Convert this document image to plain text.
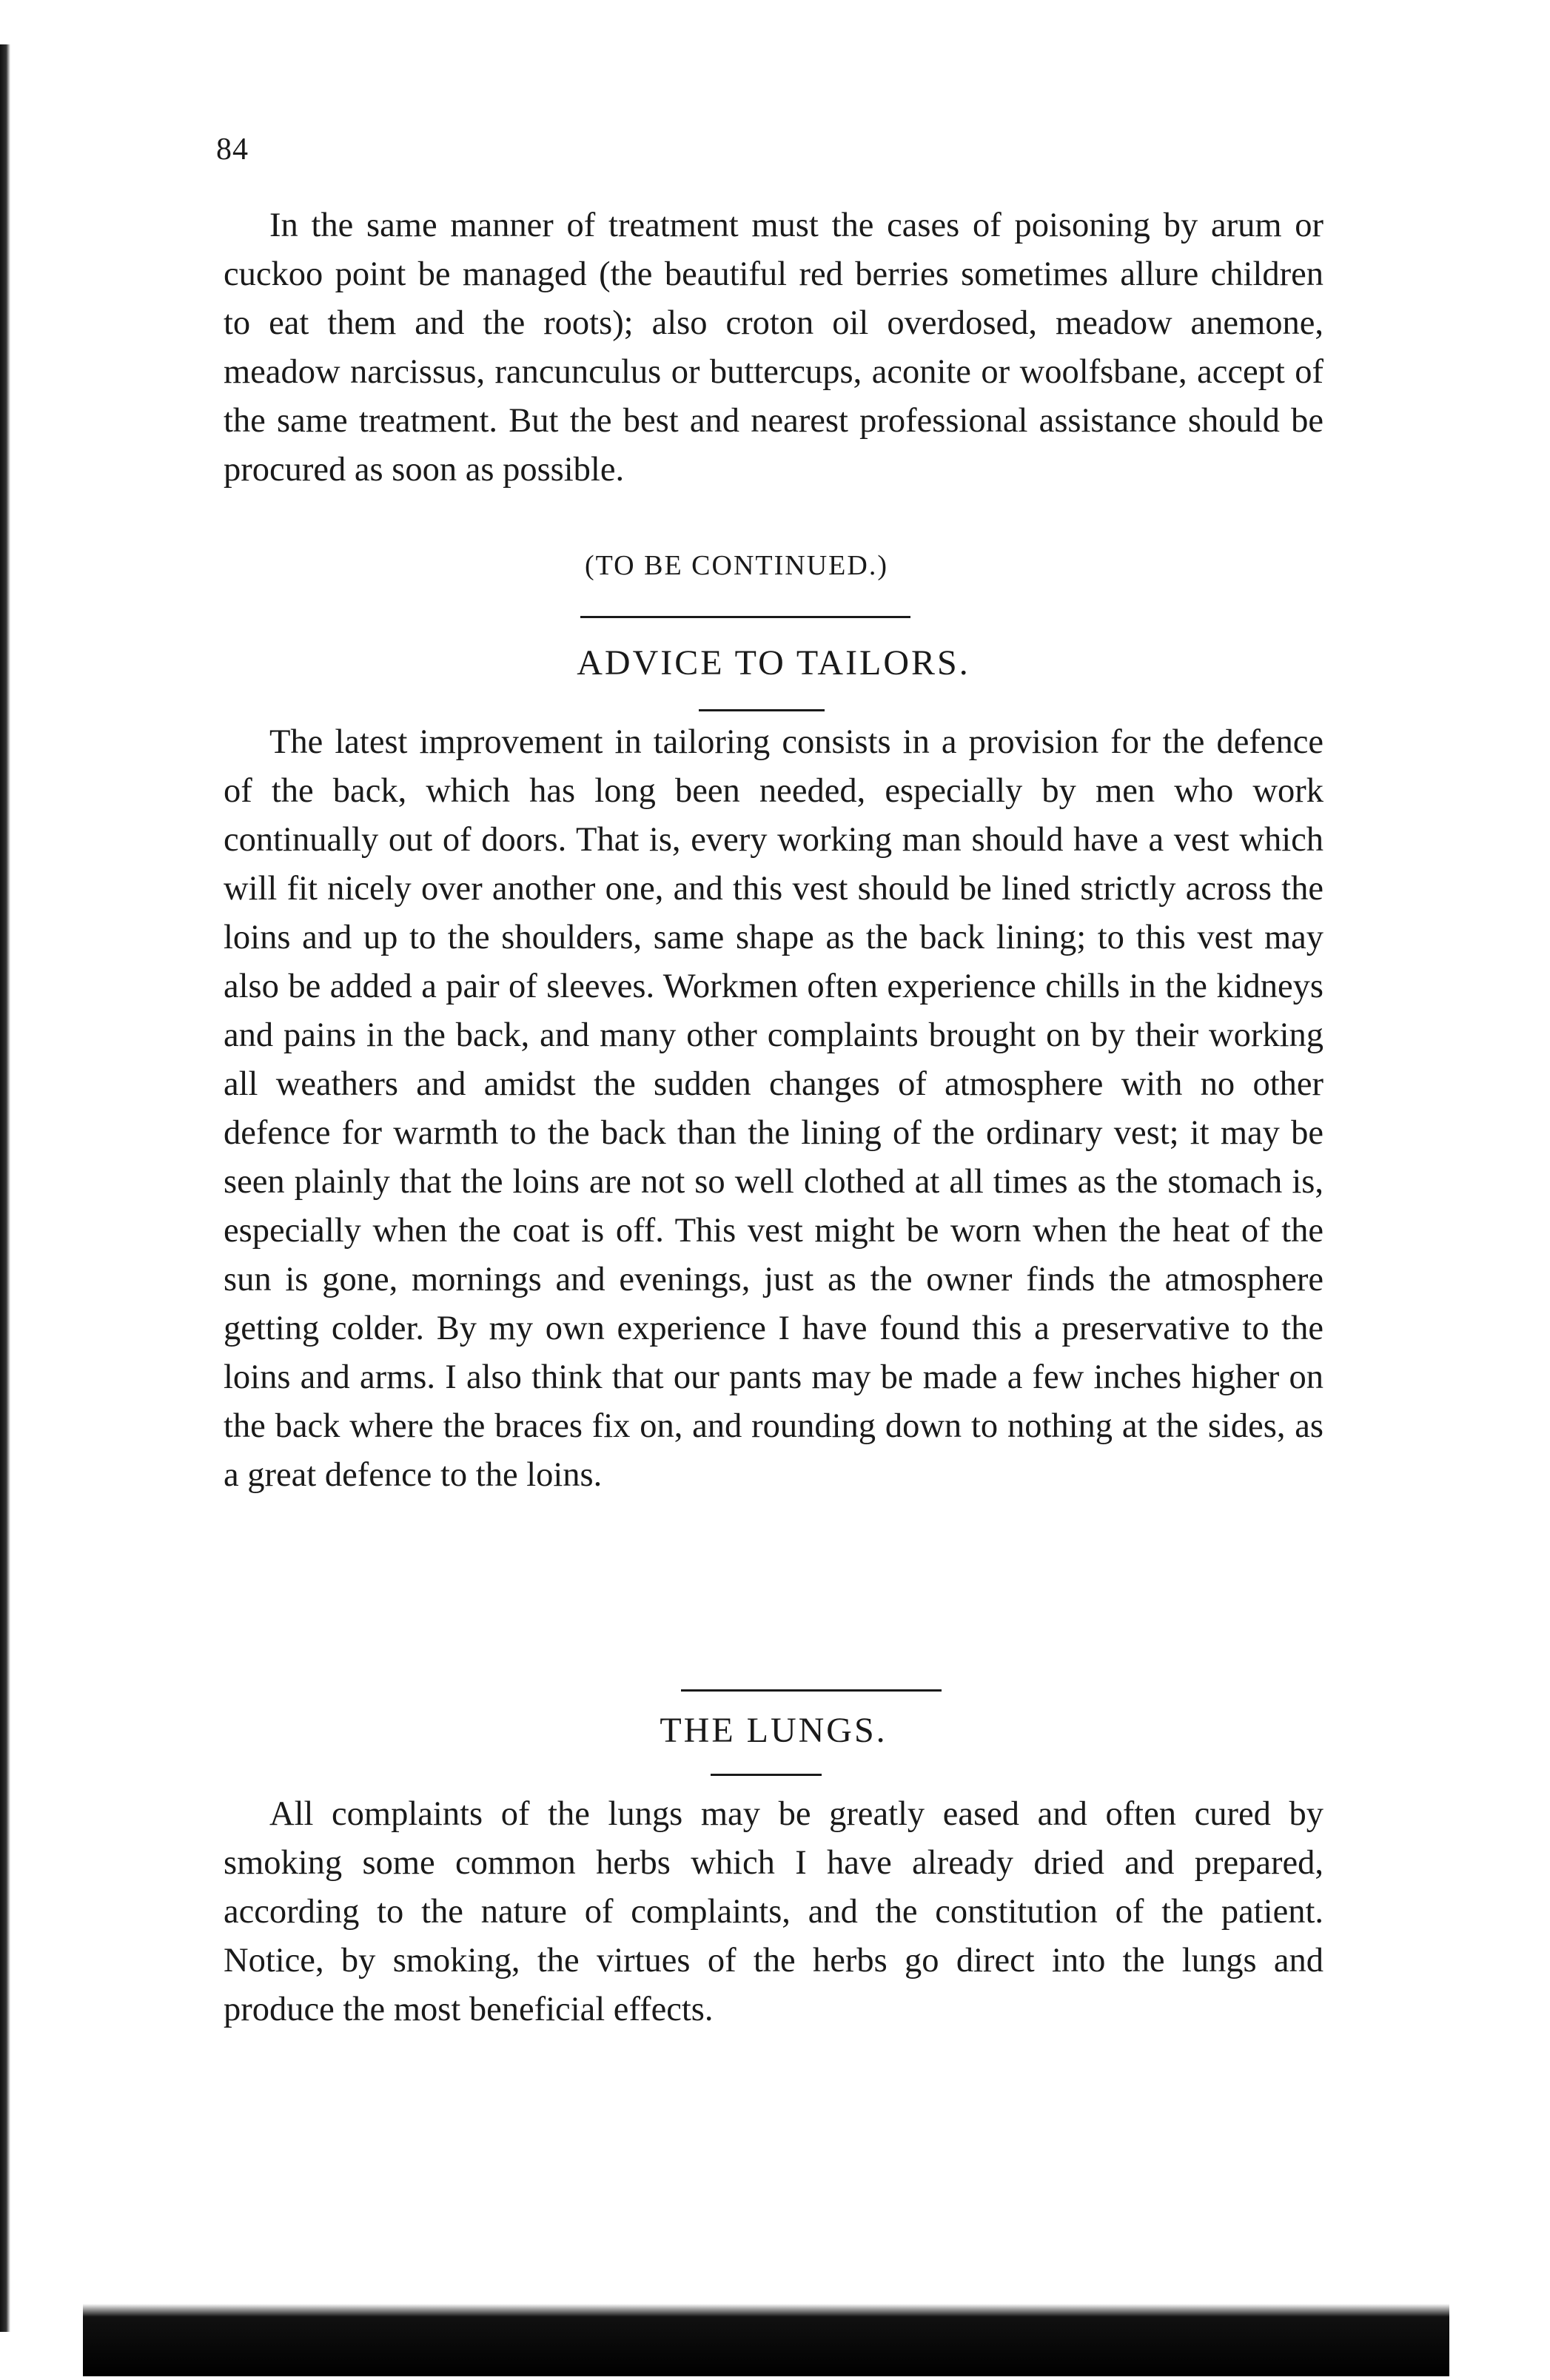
84

In the same manner of treatment must the cases of poisoning by arum or cuckoo point be managed (the beautiful red berries sometimes allure children to eat them and the roots); also croton oil overdosed, meadow anemone, meadow narcissus, rancunculus or buttercups, aconite or woolfsbane, accept of the same treatment. But the best and nearest professional assistance should be procured as soon as possible.

(TO BE CONTINUED.)
ADVICE TO TAILORS.

The latest improvement in tailoring consists in a provision for the defence of the back, which has long been needed, especially by men who work continually out of doors. That is, every working man should have a vest which will fit nicely over another one, and this vest should be lined strictly across the loins and up to the shoulders, same shape as the back lining; to this vest may also be added a pair of sleeves. Workmen often experience chills in the kidneys and pains in the back, and many other complaints brought on by their working all weathers and amidst the sudden changes of atmosphere with no other defence for warmth to the back than the lining of the ordinary vest; it may be seen plainly that the loins are not so well clothed at all times as the stomach is, especially when the coat is off. This vest might be worn when the heat of the sun is gone, mornings and evenings, just as the owner finds the atmosphere getting colder. By my own experience I have found this a preservative to the loins and arms. I also think that our pants may be made a few inches higher on the back where the braces fix on, and rounding down to nothing at the sides, as a great defence to the loins.

THE LUNGS.

All complaints of the lungs may be greatly eased and often cured by smoking some common herbs which I have already dried and prepared, according to the nature of complaints, and the constitution of the patient. Notice, by smoking, the virtues of the herbs go direct into the lungs and produce the most beneficial effects.
